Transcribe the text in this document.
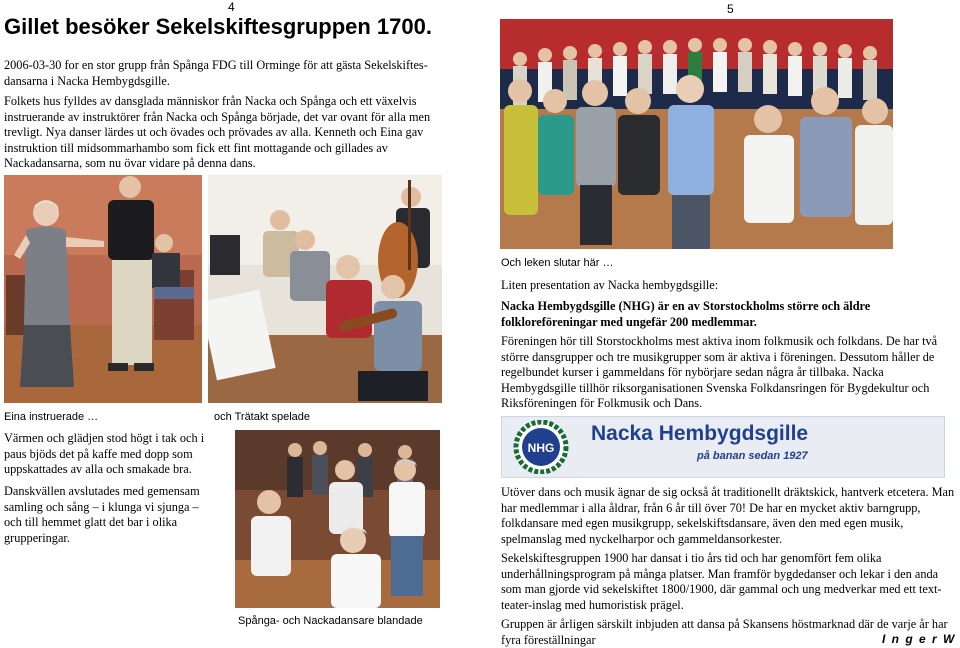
4	5
Gillet besöker Sekelskiftesgruppen 1700.
2006-03-30 for en stor grupp från Spånga FDG till Orminge för att gästa Sekelskiftes-dansarna i Nacka Hembygdsgille.
Folkets hus fylldes av dansglada människor från Nacka och Spånga och ett växelvis instruerande av instruktörer från Nacka och Spånga började, det var ovant för alla men trevligt. Nya danser lärdes ut och övades och prövades av alla. Kenneth och Eina gav instruktion till midsommarhambo som fick ett fint mottagande och gillades av Nackadansarna, som nu övar vidare på denna dans.
Eina instruerade …	och Trätakt spelade
Värmen och glädjen stod högt i tak och i paus bjöds det på kaffe med dopp som uppskattades av alla och smakade bra.
Danskvällen avslutades med gemensam samling och sång – i klunga vi sjunga – och till hemmet glatt det bar i olika grupperingar.
Spånga- och Nackadansare blandade
Och leken slutar här …
Liten presentation av Nacka hembygdsgille:
Nacka Hembygdsgille (NHG) är en av Storstockholms större och äldre folkloreföreningar med ungefär 200 medlemmar.
Föreningen hör till Storstockholms mest aktiva inom folkmusik och folkdans. De har två större dansgrupper och tre musikgrupper som är aktiva i föreningen. Dessutom håller de regelbundet kurser i gammeldans för nybörjare sedan några år tillbaka. Nacka Hembygdsgille tillhör riksorganisationen Svenska Folkdansringen för Bygdekultur och Riksföreningen för Folkmusik och Dans.
NHG
Nacka Hembygdsgille
på banan sedan 1927
Utöver dans och musik ägnar de sig också åt traditionellt dräktskick, hantverk etcetera. Man har medlemmar i alla åldrar, från 6 år till över 70! De har en mycket aktiv barngrupp, folkdansare med egen musikgrupp, sekelskiftsdansare, även den med egen musik, spelmanslag med nyckelharpor och gammeldansorkester.
Sekelskiftesgruppen 1900 har dansat i tio års tid och har genomfört fem olika underhållningsprogram på många platser. Man framför bygdedanser och lekar i den anda som man gjorde vid sekelskiftet 1800/1900, där gammal och ung medverkar med ett text-teater-inslag med humoristisk prägel.
Gruppen är årligen särskilt inbjuden att dansa på Skansens höstmarknad där de varje år har fyra föreställningar	I n g e r W
